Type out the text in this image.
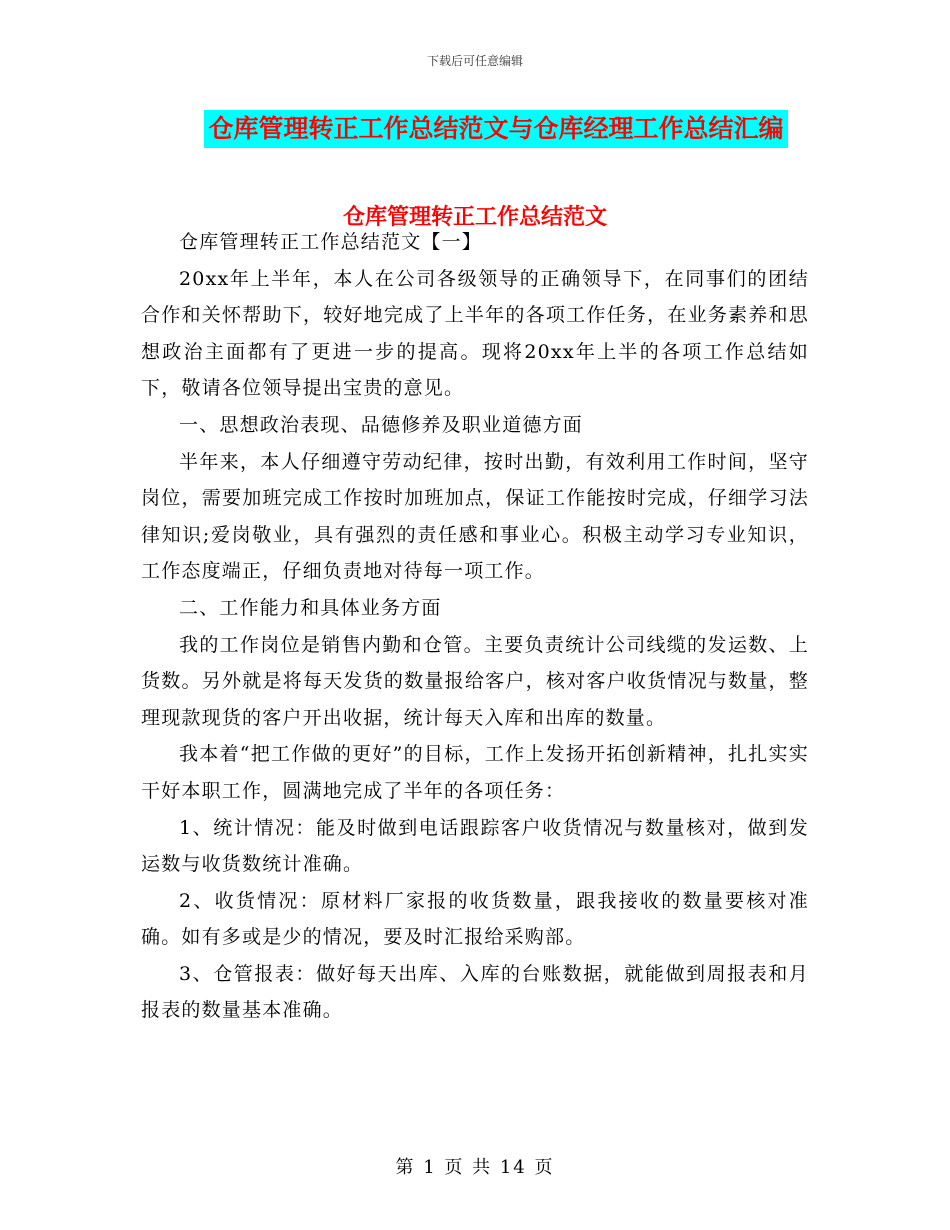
下载后可任意编辑
仓库管理转正工作总结范文与仓库经理工作总结汇编
仓库管理转正工作总结范文

仓库管理转正工作总结范文【一】

20xx年上半年，本人在公司各级领导的正确领导下，在同事们的团结合作和关怀帮助下，较好地完成了上半年的各项工作任务，在业务素养和思想政治主面都有了更进一步的提高。现将20xx年上半的各项工作总结如下，敬请各位领导提出宝贵的意见。

一、思想政治表现、品德修养及职业道德方面

半年来，本人仔细遵守劳动纪律，按时出勤，有效利用工作时间，坚守岗位，需要加班完成工作按时加班加点，保证工作能按时完成，仔细学习法律知识;爱岗敬业，具有强烈的责任感和事业心。积极主动学习专业知识，工作态度端正，仔细负责地对待每一项工作。

二、工作能力和具体业务方面

我的工作岗位是销售内勤和仓管。主要负责统计公司线缆的发运数、上货数。另外就是将每天发货的数量报给客户，核对客户收货情况与数量，整理现款现货的客户开出收据，统计每天入库和出库的数量。

我本着“把工作做的更好”的目标，工作上发扬开拓创新精神，扎扎实实干好本职工作，圆满地完成了半年的各项任务：

1、统计情况：能及时做到电话跟踪客户收货情况与数量核对，做到发运数与收货数统计准确。

2、收货情况：原材料厂家报的收货数量，跟我接收的数量要核对准确。如有多或是少的情况，要及时汇报给采购部。

3、仓管报表：做好每天出库、入库的台账数据，就能做到周报表和月报表的数量基本准确。

第 1 页 共 14 页
